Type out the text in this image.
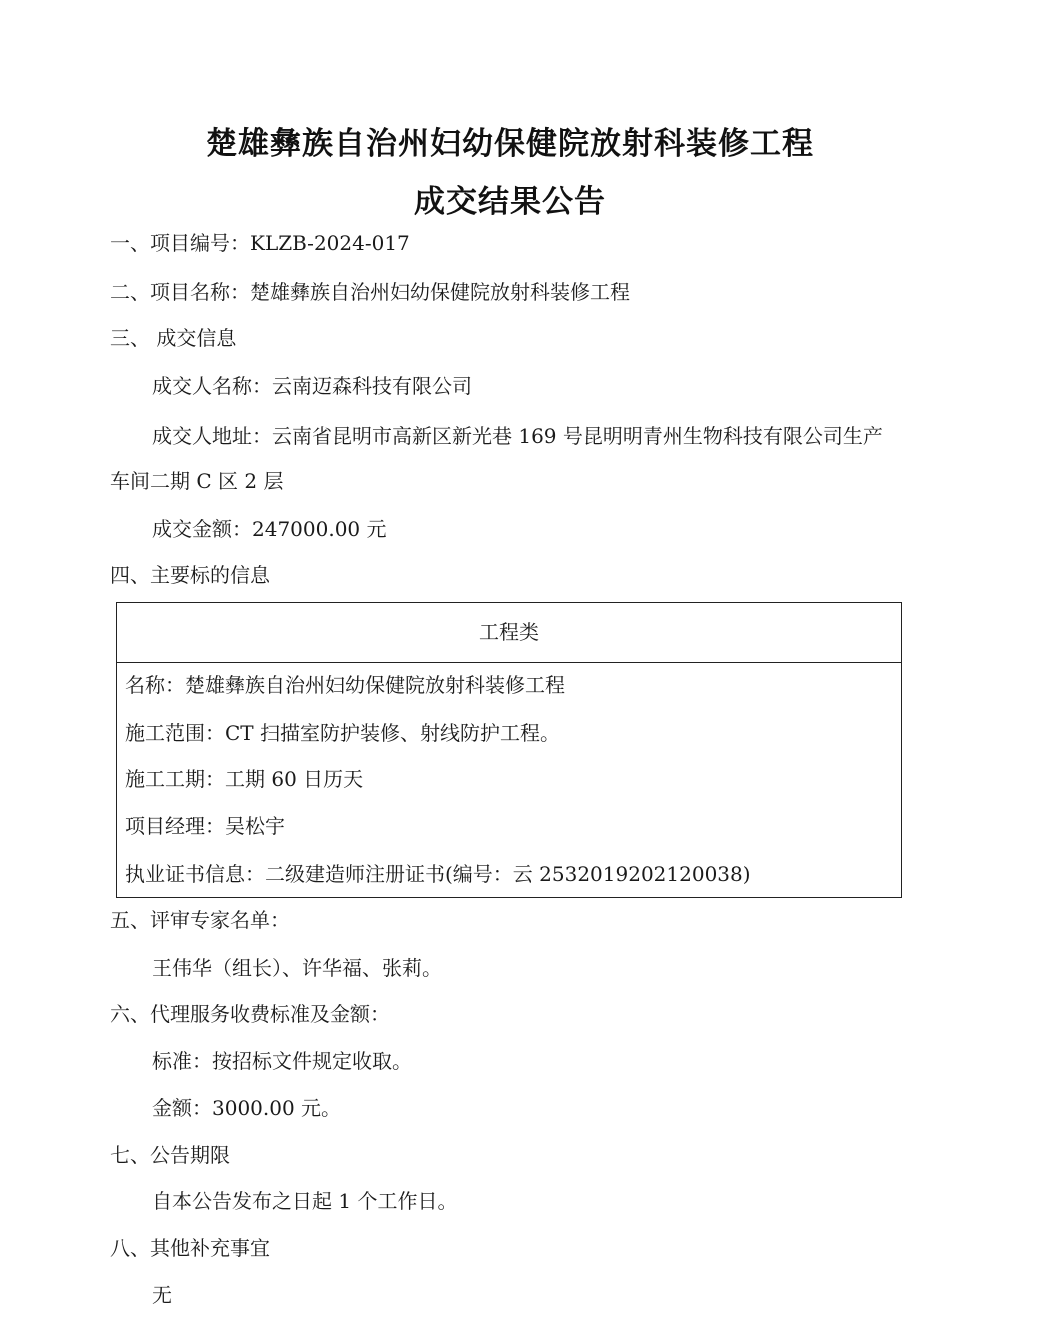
楚雄彝族自治州妇幼保健院放射科装修工程
成交结果公告
一、项目编号：KLZB-2024-017
二、项目名称：楚雄彝族自治州妇幼保健院放射科装修工程
三、 成交信息
成交人名称：云南迈森科技有限公司
成交人地址：云南省昆明市高新区新光巷 169 号昆明明青州生物科技有限公司生产
车间二期 C 区 2 层
成交金额：247000.00 元
四、主要标的信息
工程类
名称：楚雄彝族自治州妇幼保健院放射科装修工程
施工范围：CT 扫描室防护装修、射线防护工程。
施工工期：工期 60 日历天
项目经理：吴松宇
执业证书信息：二级建造师注册证书(编号：云 2532019202120038)
五、评审专家名单：
王伟华（组长）、许华福、张莉。
六、代理服务收费标准及金额：
标准：按招标文件规定收取。
金额：3000.00 元。
七、公告期限
自本公告发布之日起 1 个工作日。
八、其他补充事宜
无
